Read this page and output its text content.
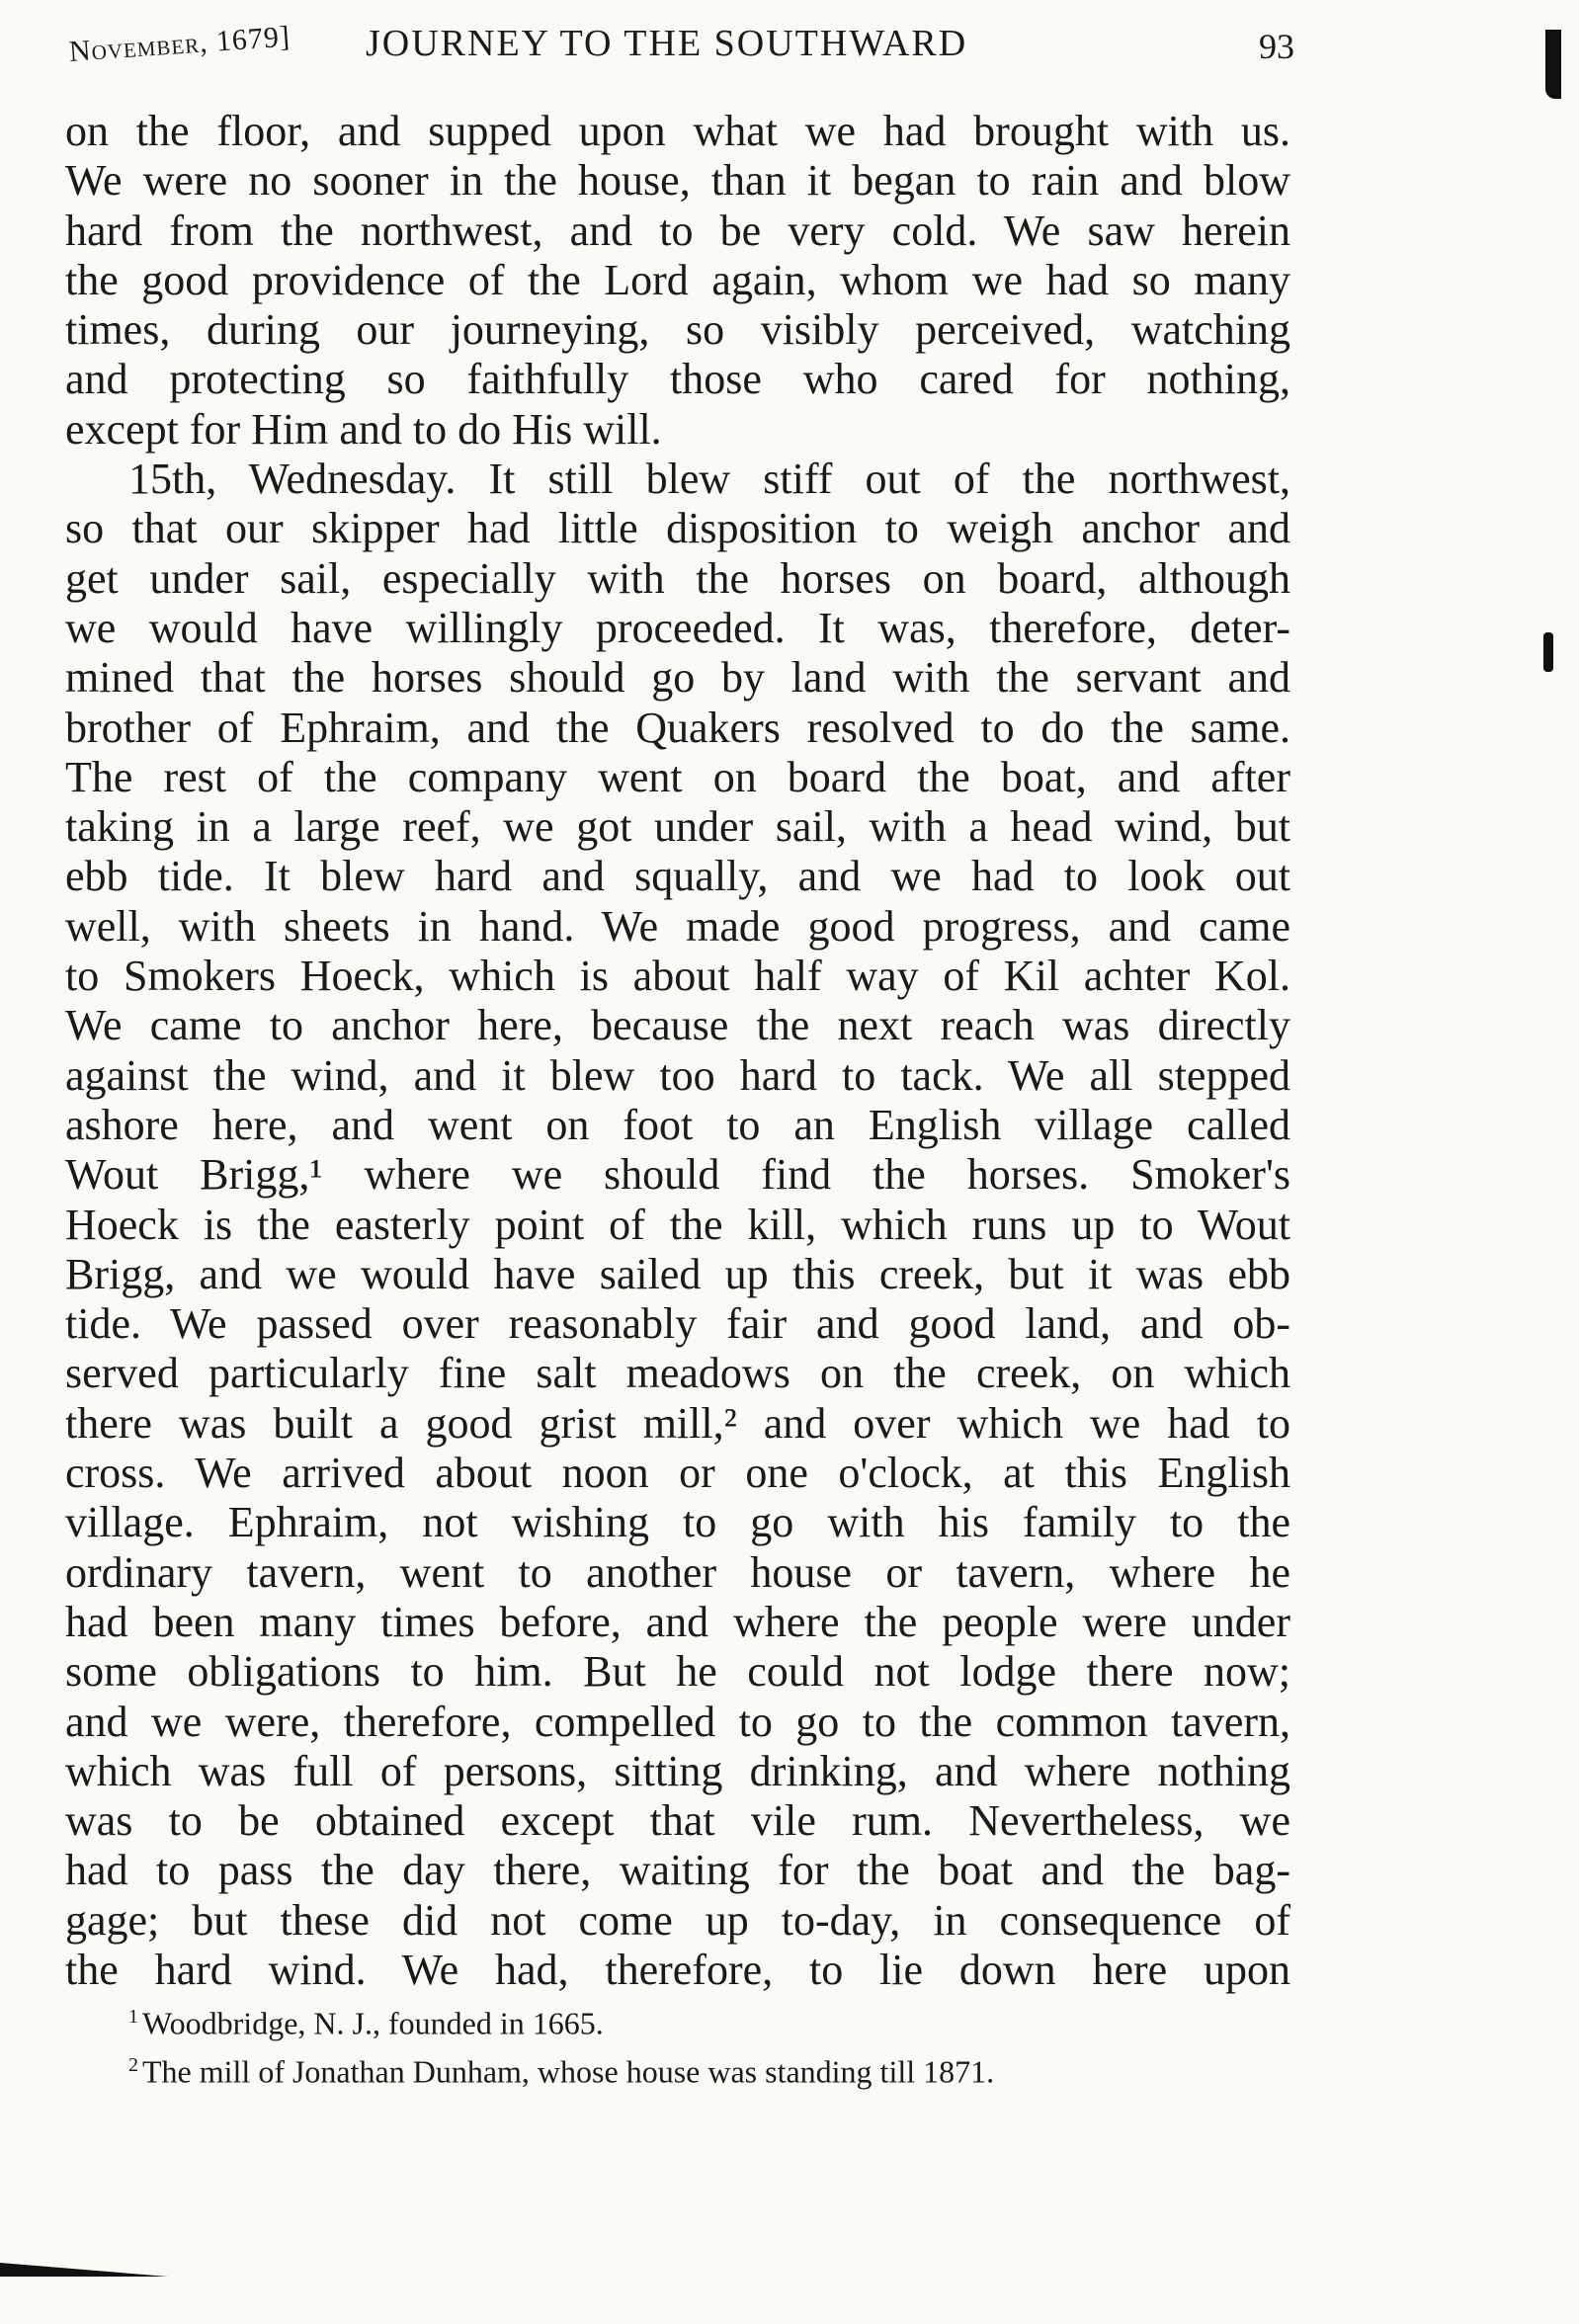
November, 1679] JOURNEY TO THE SOUTHWARD	93
on the floor, and supped upon what we had brought with us.
We were no sooner in the house, than it began to rain and blow
hard from the northwest, and to be very cold. We saw herein
the good providence of the Lord again, whom we had so many
times, during our journeying, so visibly perceived, watching
and protecting so faithfully those who cared for nothing,
except for Him and to do His will.
15th, Wednesday. It still blew stiff out of the northwest,
so that our skipper had little disposition to weigh anchor and
get under sail, especially with the horses on board, although
we would have willingly proceeded. It was, therefore, deter-
mined that the horses should go by land with the servant and
brother of Ephraim, and the Quakers resolved to do the same.
The rest of the company went on board the boat, and after
taking in a large reef, we got under sail, with a head wind, but
ebb tide. It blew hard and squally, and we had to look out
well, with sheets in hand. We made good progress, and came
to Smokers Hoeck, which is about half way of Kil achter Kol.
We came to anchor here, because the next reach was directly
against the wind, and it blew too hard to tack. We all stepped
ashore here, and went on foot to an English village called
Wout Brigg,¹ where we should find the horses. Smoker's
Hoeck is the easterly point of the kill, which runs up to Wout
Brigg, and we would have sailed up this creek, but it was ebb
tide. We passed over reasonably fair and good land, and ob-
served particularly fine salt meadows on the creek, on which
there was built a good grist mill,² and over which we had to
cross. We arrived about noon or one o'clock, at this English
village. Ephraim, not wishing to go with his family to the
ordinary tavern, went to another house or tavern, where he
had been many times before, and where the people were under
some obligations to him. But he could not lodge there now;
and we were, therefore, compelled to go to the common tavern,
which was full of persons, sitting drinking, and where nothing
was to be obtained except that vile rum. Nevertheless, we
had to pass the day there, waiting for the boat and the bag-
gage; but these did not come up to-day, in consequence of
the hard wind. We had, therefore, to lie down here upon
$^1$ Woodbridge, N. J., founded in 1665.
$^2$ The mill of Jonathan Dunham, whose house was standing till 1871.
